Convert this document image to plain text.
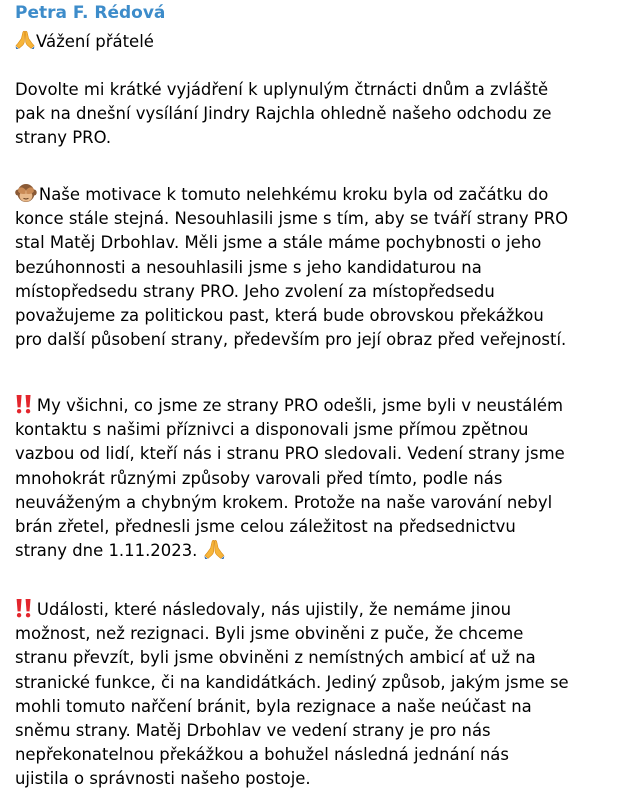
Petra F. Rédová
Vážení přátelé
Dovolte mi krátké vyjádření k uplynulým čtrnácti dnům a zvláště
pak na dnešní vysílání Jindry Rajchla ohledně našeho odchodu ze
strany PRO.
Naše motivace k tomuto nelehkému kroku byla od začátku do
konce stále stejná. Nesouhlasili jsme s tím, aby se tváří strany PRO
stal Matěj Drbohlav. Měli jsme a stále máme pochybnosti o jeho
bezúhonnosti a nesouhlasili jsme s jeho kandidaturou na
místopředsedu strany PRO. Jeho zvolení za místopředsedu
považujeme za politickou past, která bude obrovskou překážkou
pro další působení strany, především pro její obraz před veřejností.
My všichni, co jsme ze strany PRO odešli, jsme byli v neustálém
kontaktu s našimi příznivci a disponovali jsme přímou zpětnou
vazbou od lidí, kteří nás i stranu PRO sledovali. Vedení strany jsme
mnohokrát různými způsoby varovali před tímto, podle nás
neuváženým a chybným krokem. Protože na naše varování nebyl
brán zřetel, přednesli jsme celou záležitost na předsednictvu
strany dne 1.11.2023.
Události, které následovaly, nás ujistily, že nemáme jinou
možnost, než rezignaci. Byli jsme obviněni z puče, že chceme
stranu převzít, byli jsme obviněni z nemístných ambicí ať už na
stranické funkce, či na kandidátkách. Jediný způsob, jakým jsme se
mohli tomuto nařčení bránit, byla rezignace a naše neúčast na
sněmu strany. Matěj Drbohlav ve vedení strany je pro nás
nepřekonatelnou překážkou a bohužel následná jednání nás
ujistila o správnosti našeho postoje.
